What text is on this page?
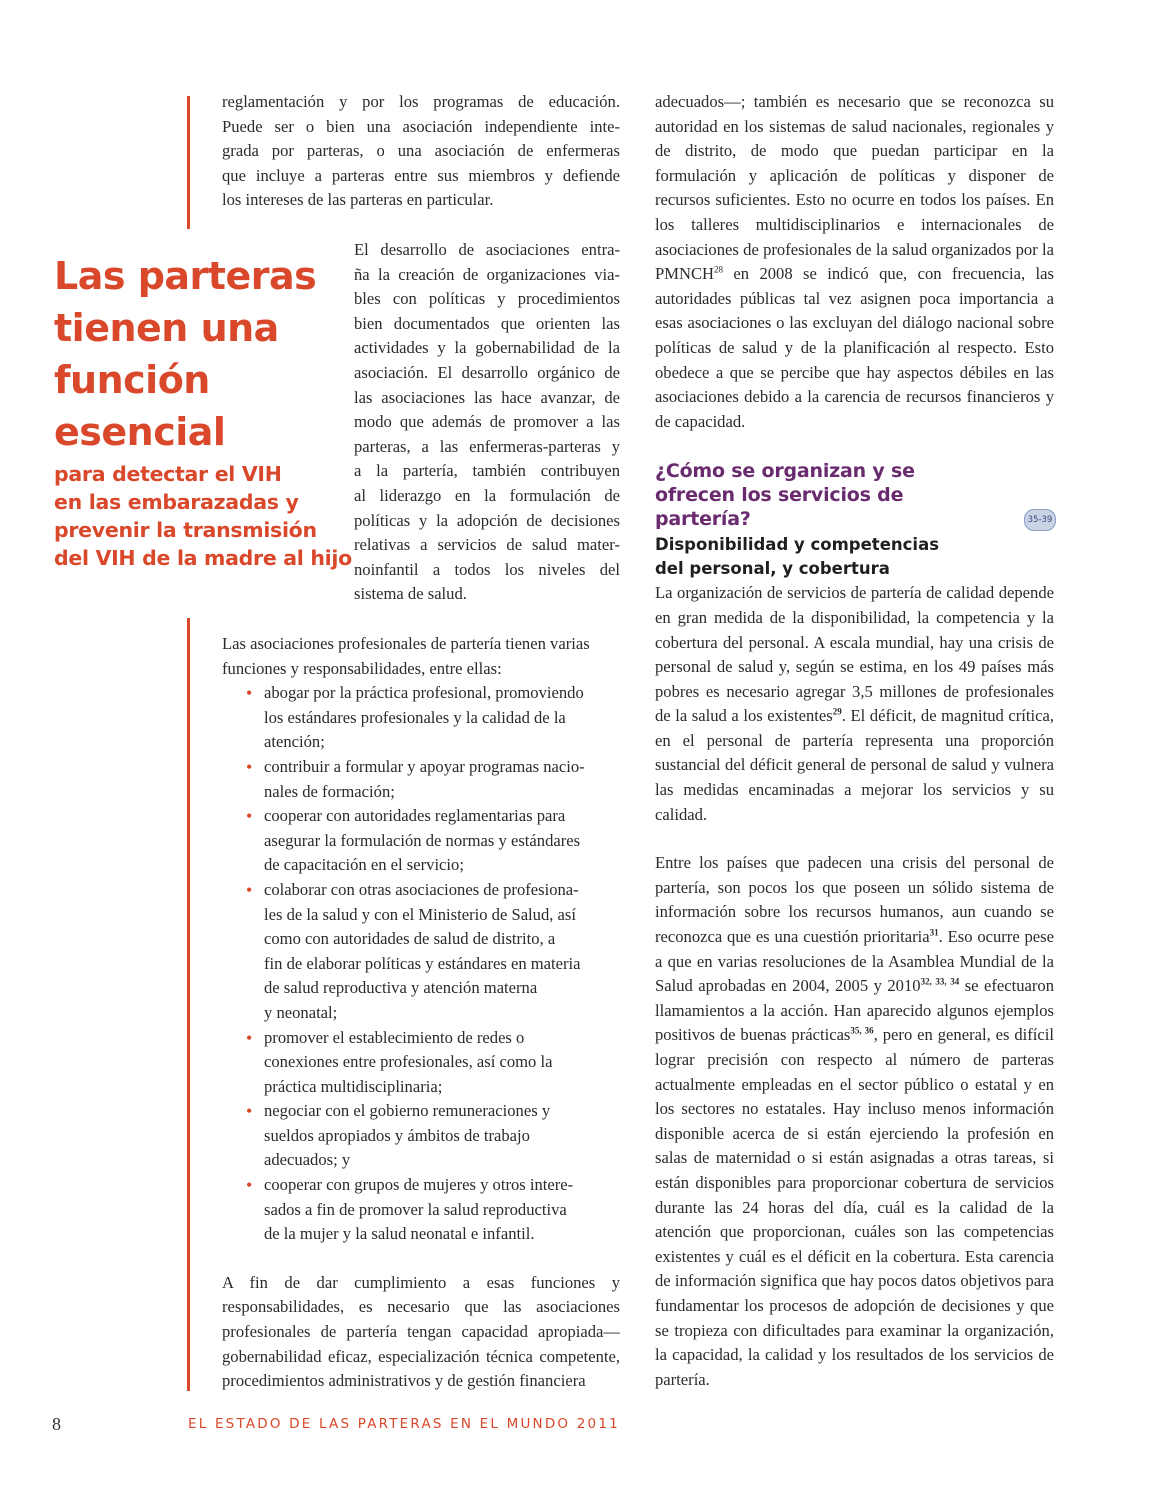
reglamentación y por los programas de educación.
Puede ser o bien una asociación independiente inte-
grada por parteras, o una asociación de enfermeras
que incluye a parteras entre sus miembros y defiende
los intereses de las parteras en particular.
Las parteras
tienen una
función
esencial
para detectar el VIH
en las embarazadas y
prevenir la transmisión
del VIH de la madre al hijo
El desarrollo de asociaciones entra-
ña la creación de organizaciones via-
bles con políticas y procedimientos
bien documentados que orienten las
actividades y la gobernabilidad de la
asociación. El desarrollo orgánico de
las asociaciones las hace avanzar, de
modo que además de promover a las
parteras, a las enfermeras-parteras y
a la partería, también contribuyen
al liderazgo en la formulación de
políticas y la adopción de decisiones
relativas a servicios de salud mater-
noinfantil a todos los niveles del
sistema de salud.

Las asociaciones profesionales de partería tienen varias funciones y responsabilidades, entre ellas:

• abogar por la práctica profesional, promoviendo
los estándares profesionales y la calidad de la
atención;
• contribuir a formular y apoyar programas nacio-
nales de formación;
• cooperar con autoridades reglamentarias para
asegurar la formulación de normas y estándares
de capacitación en el servicio;
• colaborar con otras asociaciones de profesiona-
les de la salud y con el Ministerio de Salud, así
como con autoridades de salud de distrito, a
fin de elaborar políticas y estándares en materia
de salud reproductiva y atención materna
y neonatal;
• promover el establecimiento de redes o
conexiones entre profesionales, así como la
práctica multidisciplinaria;
• negociar con el gobierno remuneraciones y
sueldos apropiados y ámbitos de trabajo
adecuados; y
• cooperar con grupos de mujeres y otros intere-
sados a fin de promover la salud reproductiva
de la mujer y la salud neonatal e infantil.

A fin de dar cumplimiento a esas funciones y responsabilidades, es necesario que las asociaciones profesionales de partería tengan capacidad apropiada—gobernabilidad eficaz, especialización técnica competente, procedimientos administrativos y de gestión financiera

adecuados—; también es necesario que se reconozca su autoridad en los sistemas de salud nacionales, regionales y de distrito, de modo que puedan participar en la formulación y aplicación de políticas y disponer de recursos suficientes. Esto no ocurre en todos los países. En los talleres multidisciplinarios e internacionales de asociaciones de profesionales de la salud organizados por la PMNCH$^{28}$ en 2008 se indicó que, con frecuencia, las autoridades públicas tal vez asignen poca importancia a esas asociaciones o las excluyan del diálogo nacional sobre políticas de salud y de la planificación al respecto. Esto obedece a que se percibe que hay aspectos débiles en las asociaciones debido a la carencia de recursos financieros y de capacidad.

¿Cómo se organizan y se ofrecen los servicios de partería?
Disponibilidad y competencias del personal, y cobertura

La organización de servicios de partería de calidad depende en gran medida de la disponibilidad, la competencia y la cobertura del personal. A escala mundial, hay una crisis de personal de salud y, según se estima, en los 49 países más pobres es necesario agregar 3,5 millones de profesionales de la salud a los existentes$^{29}$. El déficit, de magnitud crítica, en el personal de partería representa una proporción sustancial del déficit general de personal de salud y vulnera las medidas encaminadas a mejorar los servicios y su calidad.

Entre los países que padecen una crisis del personal de partería, son pocos los que poseen un sólido sistema de información sobre los recursos humanos, aun cuando se reconozca que es una cuestión prioritaria$^{31}$. Eso ocurre pese a que en varias resoluciones de la Asamblea Mundial de la Salud aprobadas en 2004, 2005 y 2010$^{32, 33, 34}$ se efectuaron llamamientos a la acción. Han aparecido algunos ejemplos positivos de buenas prácticas$^{35, 36}$, pero en general, es difícil lograr precisión con respecto al número de parteras actualmente empleadas en el sector público o estatal y en los sectores no estatales. Hay incluso menos información disponible acerca de si están ejerciendo la profesión en salas de maternidad o si están asignadas a otras tareas, si están disponibles para proporcionar cobertura de servicios durante las 24 horas del día, cuál es la calidad de la atención que proporcionan, cuáles son las competencias existentes y cuál es el déficit en la cobertura. Esta carencia de información significa que hay pocos datos objetivos para fundamentar los procesos de adopción de decisiones y que se tropieza con dificultades para examinar la organización, la capacidad, la calidad y los resultados de los servicios de partería.

35-39
8	EL ESTADO DE LAS PARTERAS EN EL MUNDO 2011
